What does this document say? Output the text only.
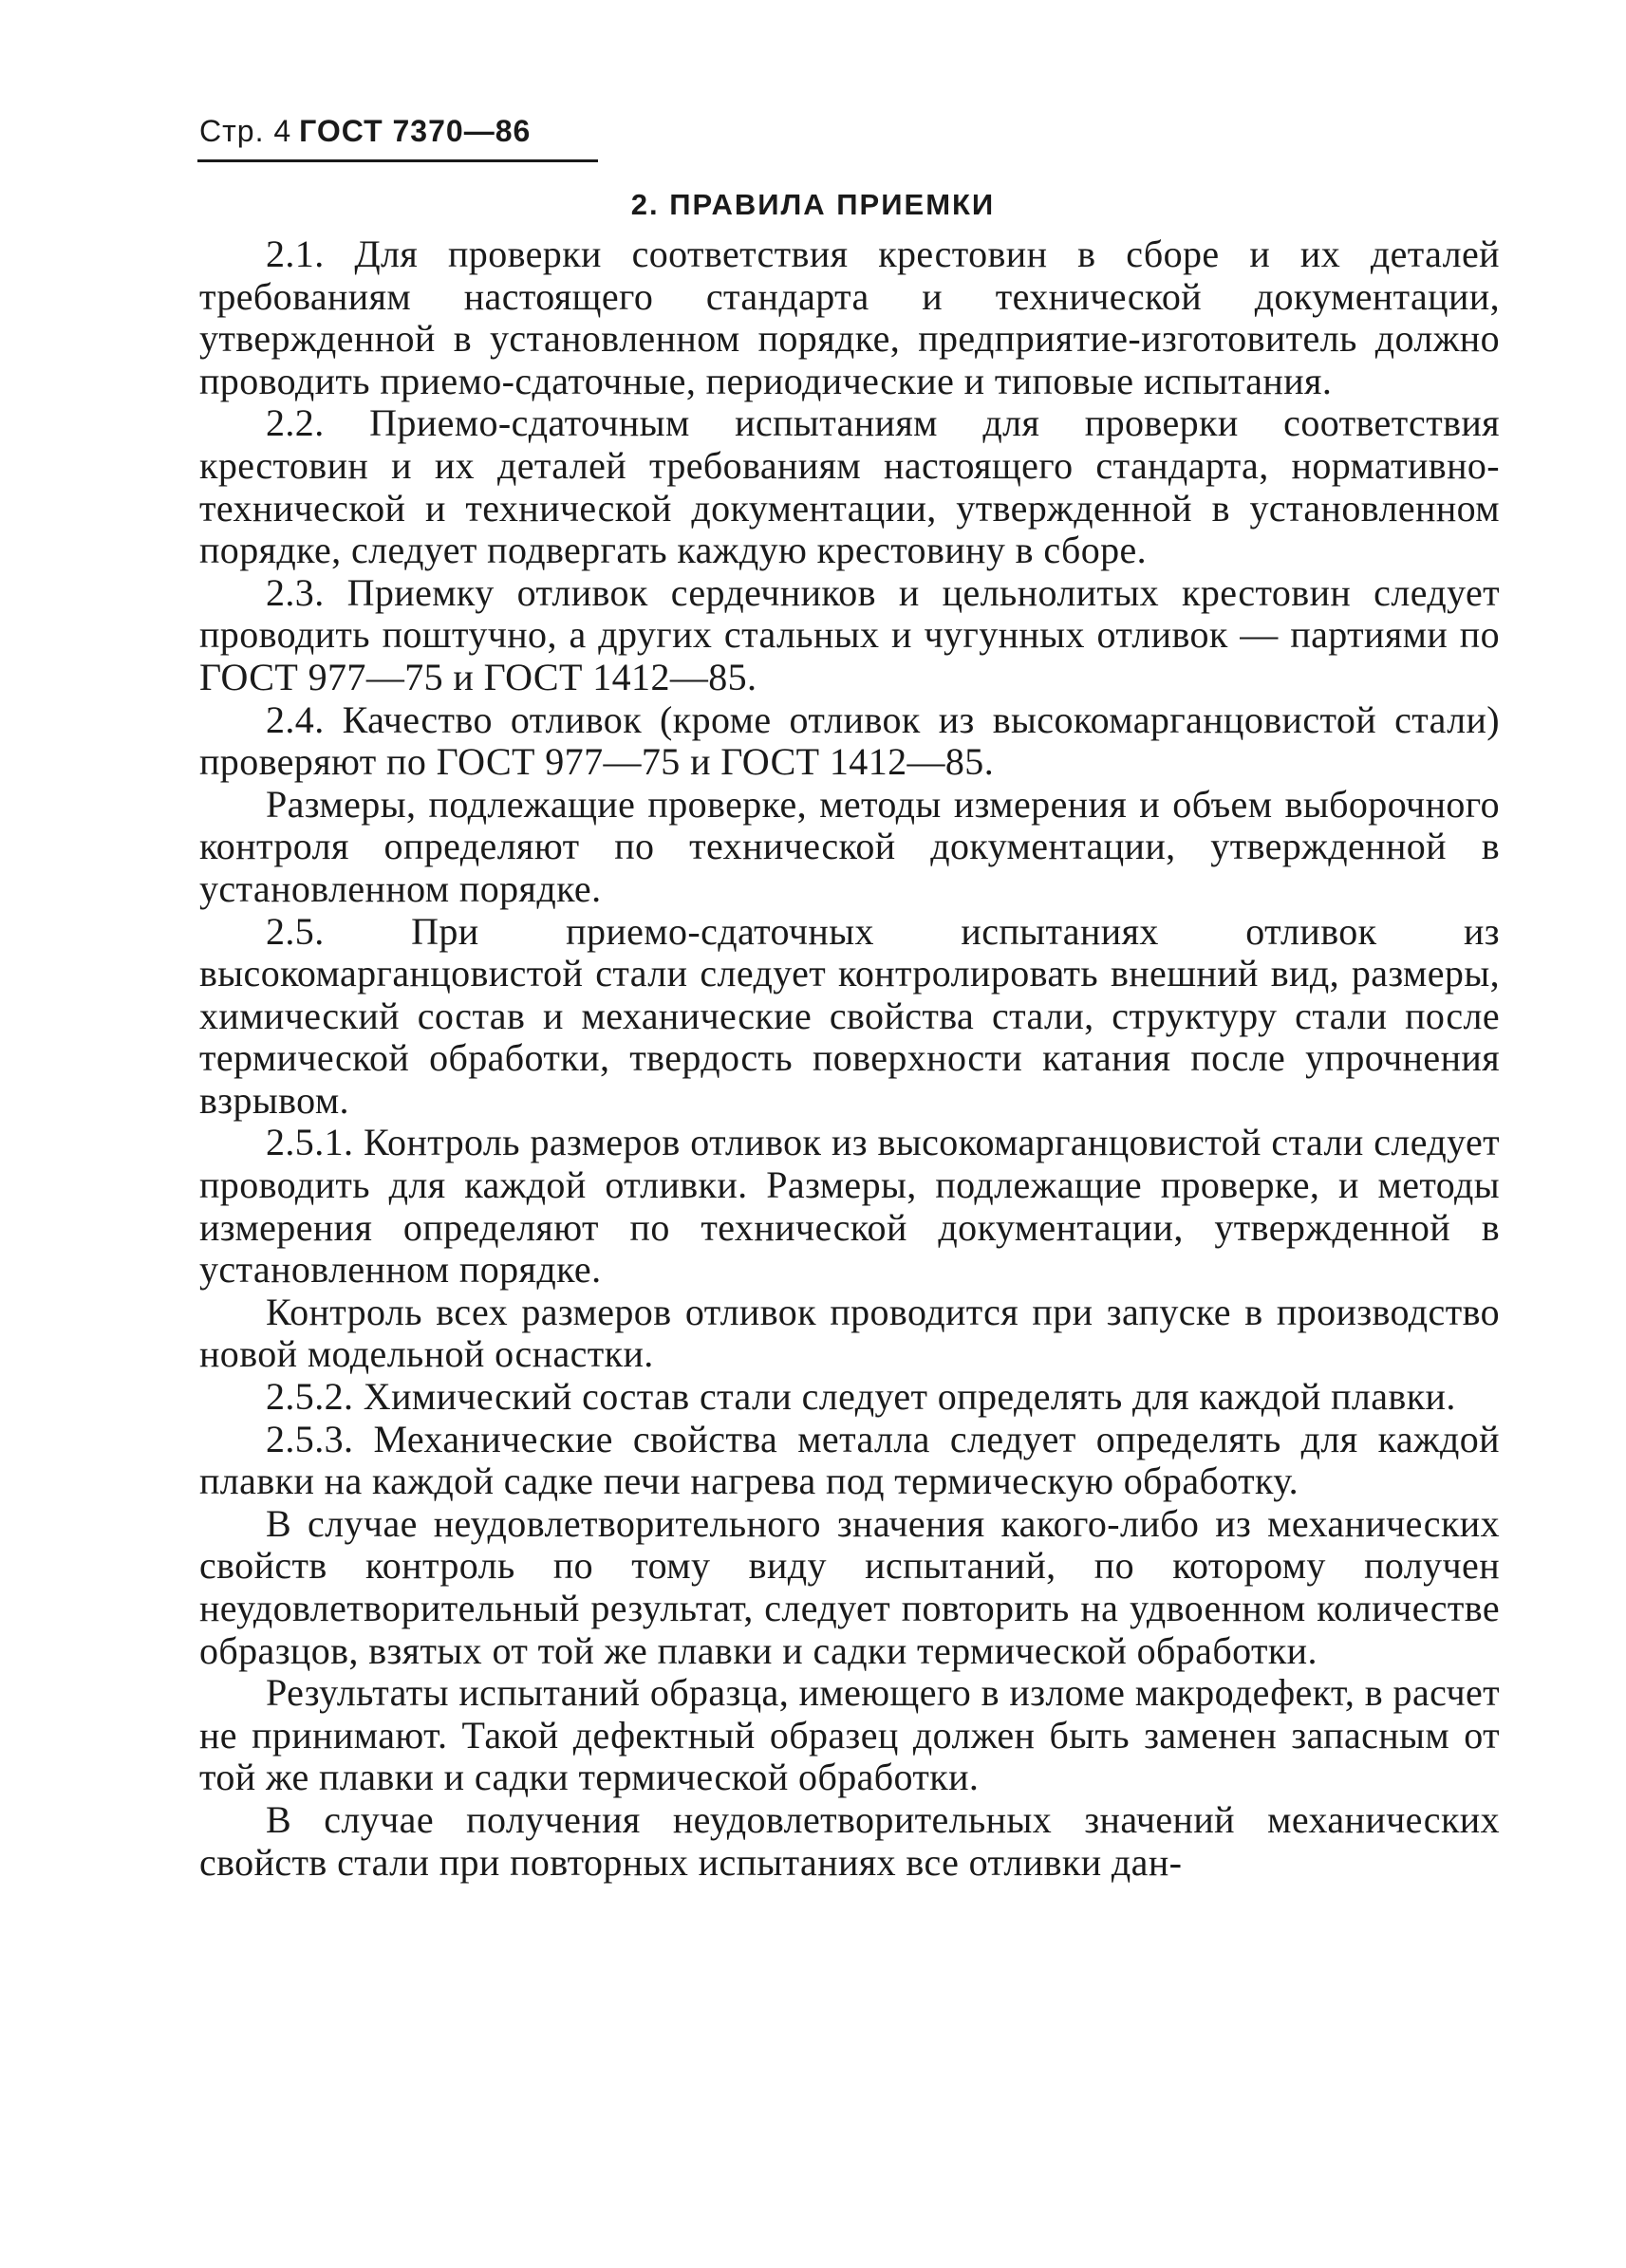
Стр. 4 ГОСТ 7370—86
2. ПРАВИЛА ПРИЕМКИ

2.1. Для проверки соответствия крестовин в сборе и их деталей требованиям настоящего стандарта и технической документации, утвержденной в установленном порядке, предприятие-изготовитель должно проводить приемо-сдаточные, периодические и типовые испытания.

2.2. Приемо-сдаточным испытаниям для проверки соответствия крестовин и их деталей требованиям настоящего стандарта, нормативно-технической и технической документации, утвержденной в установленном порядке, следует подвергать каждую крестовину в сборе.

2.3. Приемку отливок сердечников и цельнолитых крестовин следует проводить поштучно, а других стальных и чугунных отливок — партиями по ГОСТ 977—75 и ГОСТ 1412—85.

2.4. Качество отливок (кроме отливок из высокомарганцовистой стали) проверяют по ГОСТ 977—75 и ГОСТ 1412—85.

Размеры, подлежащие проверке, методы измерения и объем выборочного контроля определяют по технической документации, утвержденной в установленном порядке.

2.5. При приемо-сдаточных испытаниях отливок из высокомарганцовистой стали следует контролировать внешний вид, размеры, химический состав и механические свойства стали, структуру стали после термической обработки, твердость поверхности катания после упрочнения взрывом.

2.5.1. Контроль размеров отливок из высокомарганцовистой стали следует проводить для каждой отливки. Размеры, подлежащие проверке, и методы измерения определяют по технической документации, утвержденной в установленном порядке.

Контроль всех размеров отливок проводится при запуске в производство новой модельной оснастки.

2.5.2. Химический состав стали следует определять для каждой плавки.

2.5.3. Механические свойства металла следует определять для каждой плавки на каждой садке печи нагрева под термическую обработку.

В случае неудовлетворительного значения какого-либо из механических свойств контроль по тому виду испытаний, по которому получен неудовлетворительный результат, следует повторить на удвоенном количестве образцов, взятых от той же плавки и садки термической обработки.

Результаты испытаний образца, имеющего в изломе макродефект, в расчет не принимают. Такой дефектный образец должен быть заменен запасным от той же плавки и садки термической обработки.

В случае получения неудовлетворительных значений механических свойств стали при повторных испытаниях все отливки дан-
